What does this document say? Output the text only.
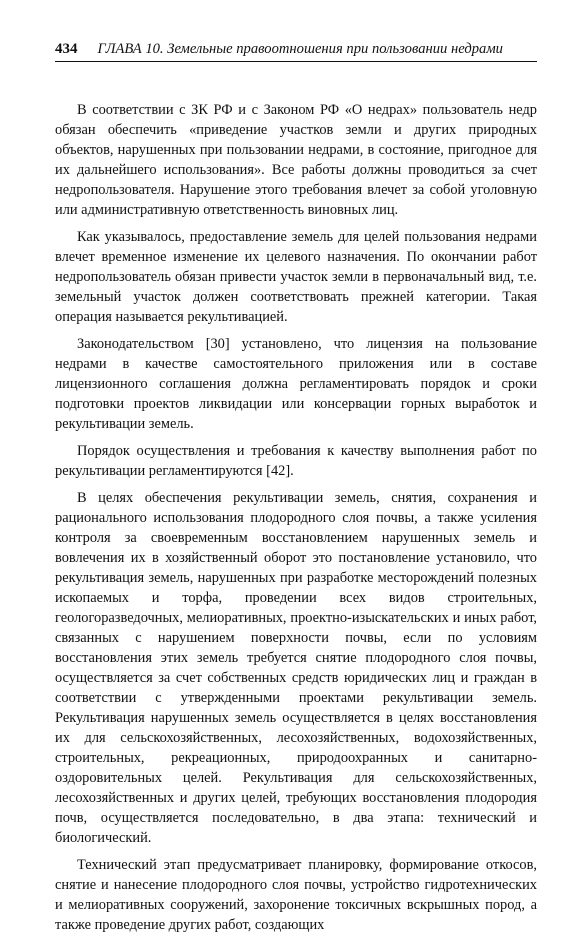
434 ГЛАВА 10. Земельные правоотношения при пользовании недрами

В соответствии с ЗК РФ и с Законом РФ «О недрах» пользователь недр обязан обеспечить «приведение участков земли и других природных объектов, нарушенных при пользовании недрами, в состояние, пригодное для их дальнейшего использования». Все работы должны проводиться за счет недропользователя. Нарушение этого требования влечет за собой уголовную или административную ответственность виновных лиц.

Как указывалось, предоставление земель для целей пользования недрами влечет временное изменение их целевого назначения. По окончании работ недропользователь обязан привести участок земли в первоначальный вид, т.е. земельный участок должен соответствовать прежней категории. Такая операция называется рекультивацией.

Законодательством [30] установлено, что лицензия на пользование недрами в качестве самостоятельного приложения или в составе лицензионного соглашения должна регламентировать порядок и сроки подготовки проектов ликвидации или консервации горных выработок и рекультивации земель.

Порядок осуществления и требования к качеству выполнения работ по рекультивации регламентируются [42].

В целях обеспечения рекультивации земель, снятия, сохранения и рационального использования плодородного слоя почвы, а также усиления контроля за своевременным восстановлением нарушенных земель и вовлечения их в хозяйственный оборот это постановление установило, что рекультивация земель, нарушенных при разработке месторождений полезных ископаемых и торфа, проведении всех видов строительных, геологоразведочных, мелиоративных, проектно-изыскательских и иных работ, связанных с нарушением поверхности почвы, если по условиям восстановления этих земель требуется снятие плодородного слоя почвы, осуществляется за счет собственных средств юридических лиц и граждан в соответствии с утвержденными проектами рекультивации земель. Рекультивация нарушенных земель осуществляется в целях восстановления их для сельскохозяйственных, лесохозяйственных, водохозяйственных, строительных, рекреационных, природоохранных и санитарно-оздоровительных целей. Рекультивация для сельскохозяйственных, лесохозяйственных и других целей, требующих восстановления плодородия почв, осуществляется последовательно, в два этапа: технический и биологический.

Технический этап предусматривает планировку, формирование откосов, снятие и нанесение плодородного слоя почвы, устройство гидротехнических и мелиоративных сооружений, захоронение токсичных вскрышных пород, а также проведение других работ, создающих
